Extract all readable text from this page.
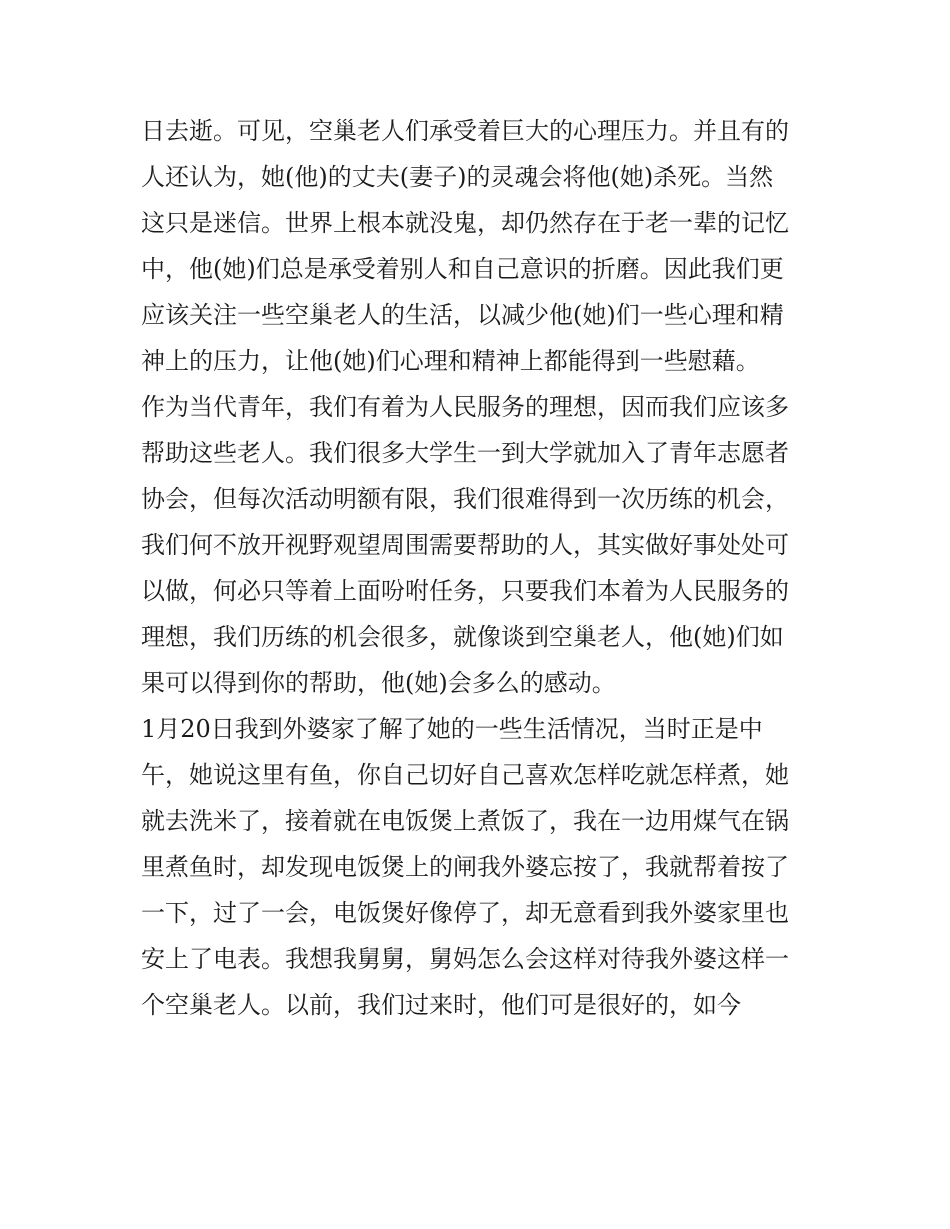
日去逝。可见，空巢老人们承受着巨大的心理压力。并且有的
人还认为，她(他)的丈夫(妻子)的灵魂会将他(她)杀死。当然
这只是迷信。世界上根本就没鬼，却仍然存在于老一辈的记忆
中，他(她)们总是承受着别人和自己意识的折磨。因此我们更
应该关注一些空巢老人的生活，以减少他(她)们一些心理和精
神上的压力，让他(她)们心理和精神上都能得到一些慰藉。
作为当代青年，我们有着为人民服务的理想，因而我们应该多
帮助这些老人。我们很多大学生一到大学就加入了青年志愿者
协会，但每次活动明额有限，我们很难得到一次历练的机会，
我们何不放开视野观望周围需要帮助的人，其实做好事处处可
以做，何必只等着上面吩咐任务，只要我们本着为人民服务的
理想，我们历练的机会很多，就像谈到空巢老人，他(她)们如
果可以得到你的帮助，他(她)会多么的感动。
1月20日我到外婆家了解了她的一些生活情况，当时正是中
午，她说这里有鱼，你自己切好自己喜欢怎样吃就怎样煮，她
就去洗米了，接着就在电饭煲上煮饭了，我在一边用煤气在锅
里煮鱼时，却发现电饭煲上的闸我外婆忘按了，我就帮着按了
一下，过了一会，电饭煲好像停了，却无意看到我外婆家里也
安上了电表。我想我舅舅，舅妈怎么会这样对待我外婆这样一
个空巢老人。以前，我们过来时，他们可是很好的，如今
